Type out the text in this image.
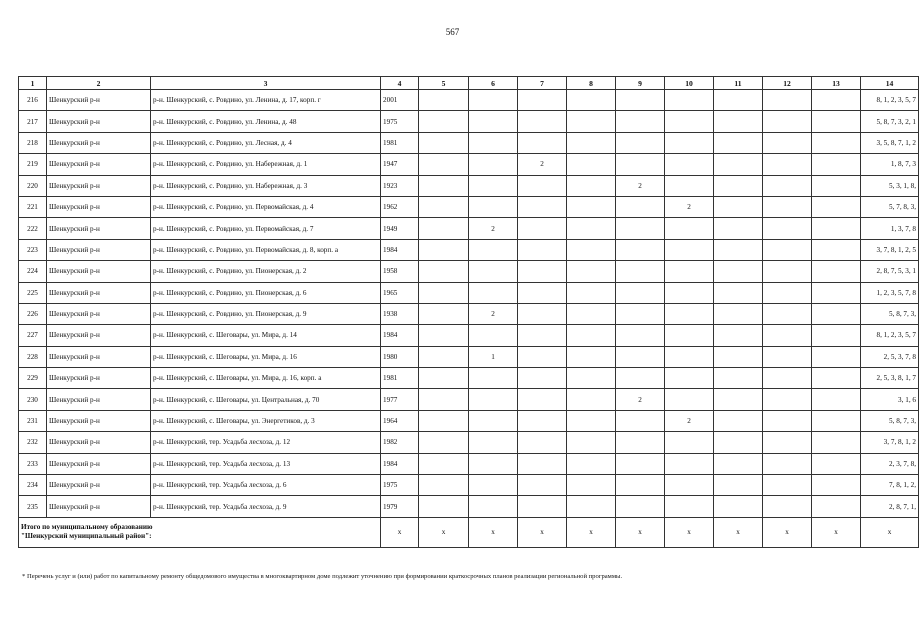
567
1	2	3	4	5	6	7	8	9	10	11	12	13	14
216	Шенкурский р-н	р-н. Шенкурский, с. Ровдино, ул. Ленина, д. 17, корп. г	2001										8, 1, 2, 3, 5, 7
217	Шенкурский р-н	р-н. Шенкурский, с. Ровдино, ул. Ленина, д. 48	1975										5, 8, 7, 3, 2, 1
218	Шенкурский р-н	р-н. Шенкурский, с. Ровдино, ул. Лесная, д. 4	1981										3, 5, 8, 7, 1, 2
219	Шенкурский р-н	р-н. Шенкурский, с. Ровдино, ул. Набережная, д. 1	1947			2							1, 8, 7, 3
220	Шенкурский р-н	р-н. Шенкурский, с. Ровдино, ул. Набережная, д. 3	1923					2					5, 3, 1, 8,
221	Шенкурский р-н	р-н. Шенкурский, с. Ровдино, ул. Первомайская, д. 4	1962						2				5, 7, 8, 3,
222	Шенкурский р-н	р-н. Шенкурский, с. Ровдино, ул. Первомайская, д. 7	1949		2								1, 3, 7, 8
223	Шенкурский р-н	р-н. Шенкурский, с. Ровдино, ул. Первомайская, д. 8, корп. а	1984										3, 7, 8, 1, 2, 5
224	Шенкурский р-н	р-н. Шенкурский, с. Ровдино, ул. Пионерская, д. 2	1958										2, 8, 7, 5, 3, 1
225	Шенкурский р-н	р-н. Шенкурский, с. Ровдино, ул. Пионерская, д. 6	1965										1, 2, 3, 5, 7, 8
226	Шенкурский р-н	р-н. Шенкурский, с. Ровдино, ул. Пионерская, д. 9	1938		2								5, 8, 7, 3,
227	Шенкурский р-н	р-н. Шенкурский, с. Шеговары, ул. Мира, д. 14	1984										8, 1, 2, 3, 5, 7
228	Шенкурский р-н	р-н. Шенкурский, с. Шеговары, ул. Мира, д. 16	1980		1								2, 5, 3, 7, 8
229	Шенкурский р-н	р-н. Шенкурский, с. Шеговары, ул. Мира, д. 16, корп. а	1981										2, 5, 3, 8, 1, 7
230	Шенкурский р-н	р-н. Шенкурский, с. Шеговары, ул. Центральная, д. 70	1977					2					3, 1, 6
231	Шенкурский р-н	р-н. Шенкурский, с. Шеговары, ул. Энергетиков, д. 3	1964						2				5, 8, 7, 3,
232	Шенкурский р-н	р-н. Шенкурский, тер. Усадьба лесхоза, д. 12	1982										3, 7, 8, 1, 2
233	Шенкурский р-н	р-н. Шенкурский, тер. Усадьба лесхоза, д. 13	1984										2, 3, 7, 8,
234	Шенкурский р-н	р-н. Шенкурский, тер. Усадьба лесхоза, д. 6	1975										7, 8, 1, 2,
235	Шенкурский р-н	р-н. Шенкурский, тер. Усадьба лесхоза, д. 9	1979										2, 8, 7, 1,
Итого по муниципальному образованию
"Шенкурский муниципальный район":			x	x	x	x	x	x	x	x	x	x	x
* Перечень услуг и (или) работ по капитальному ремонту общедомового имущества в многоквартирном доме подлежит уточнению при формировании краткосрочных планов реализации региональной программы.
